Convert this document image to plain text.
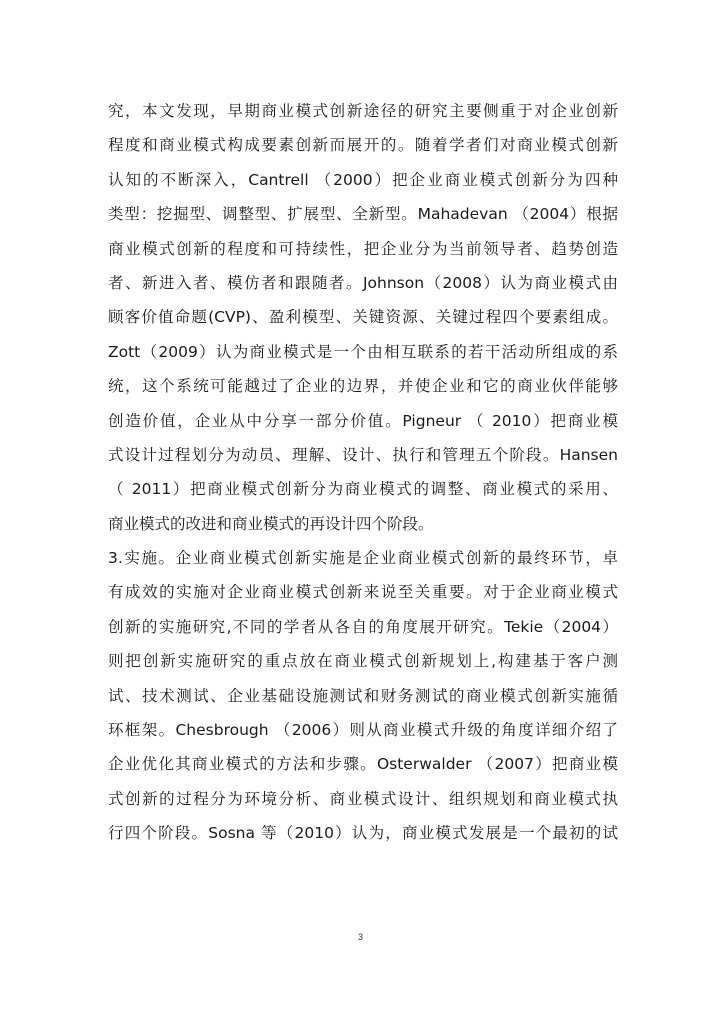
究，本文发现，早期商业模式创新途径的研究主要侧重于对企业创新
程度和商业模式构成要素创新而展开的。随着学者们对商业模式创新
认知的不断深入，Cantrell （2000）把企业商业模式创新分为四种
类型：挖掘型、调整型、扩展型、全新型。Mahadevan （2004）根据
商业模式创新的程度和可持续性，把企业分为当前领导者、趋势创造
者、新进入者、模仿者和跟随者。Johnson（2008）认为商业模式由
顾客价值命题(CVP)、盈利模型、关键资源、关键过程四个要素组成。
Zott（2009）认为商业模式是一个由相互联系的若干活动所组成的系
统，这个系统可能越过了企业的边界，并使企业和它的商业伙伴能够
创造价值，企业从中分享一部分价值。Pigneur （ 2010）把商业模
式设计过程划分为动员、理解、设计、执行和管理五个阶段。Hansen
（ 2011）把商业模式创新分为商业模式的调整、商业模式的采用、
商业模式的改进和商业模式的再设计四个阶段。
3.实施。企业商业模式创新实施是企业商业模式创新的最终环节，卓
有成效的实施对企业商业模式创新来说至关重要。对于企业商业模式
创新的实施研究,不同的学者从各自的角度展开研究。Tekie（2004）
则把创新实施研究的重点放在商业模式创新规划上,构建基于客户测
试、技术测试、企业基础设施测试和财务测试的商业模式创新实施循
环框架。Chesbrough （2006）则从商业模式升级的角度详细介绍了
企业优化其商业模式的方法和步骤。Osterwalder （2007）把商业模
式创新的过程分为环境分析、商业模式设计、组织规划和商业模式执
行四个阶段。Sosna 等（2010）认为，商业模式发展是一个最初的试
3
